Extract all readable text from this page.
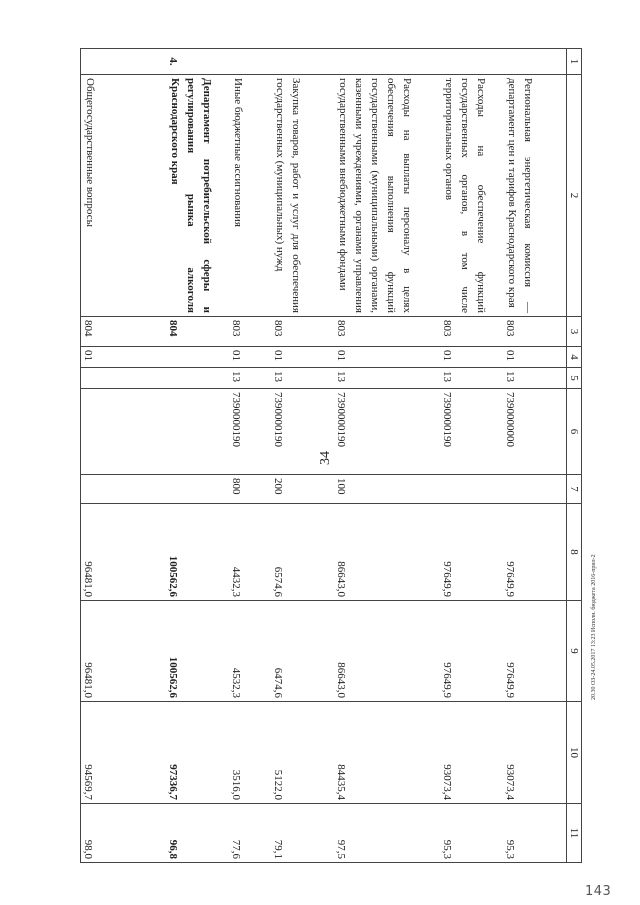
34
1	2	3	4	5	6	7	8	9	10	11
	Региональная энергетическая комиссия — департамент цен и тарифов Краснодарского края	803	01	13	7390000000		97649,9	97649,9	93073,4	95,3
	Расходы на обеспечение функций государственных органов, в том числе территориальных органов	803	01	13	7390000190		97649,9	97649,9	93073,4	95,3
	Расходы на выплаты персоналу в целях обеспечения выполнения функций государственными (муниципальными) органами, казенными учреждениями, органами управления государственными внебюджетными фондами	803	01	13	7390000190	100	86643,0	86643,0	84435,4	97,5
	Закупка товаров, работ и услуг для обеспечения государственных (муниципальных) нужд	803	01	13	7390000190	200	6574,6	6474,6	5122,0	79,1
	Иные бюджетные ассигнования	803	01	13	7390000190	800	4432,3	4532,3	3516,0	77,6
4.	Департамент потребительской сферы и регулирования рынка алкоголя Краснодарского края	804					100562,6	100562,6	97336,7	96,8
	Общегосударственные вопросы	804	01				96481,0	96481,0	94569,7	98,0
20.30 ОЗ-24.05.2017 13:23 Исполн. бюджета 2016-прил-2
143
